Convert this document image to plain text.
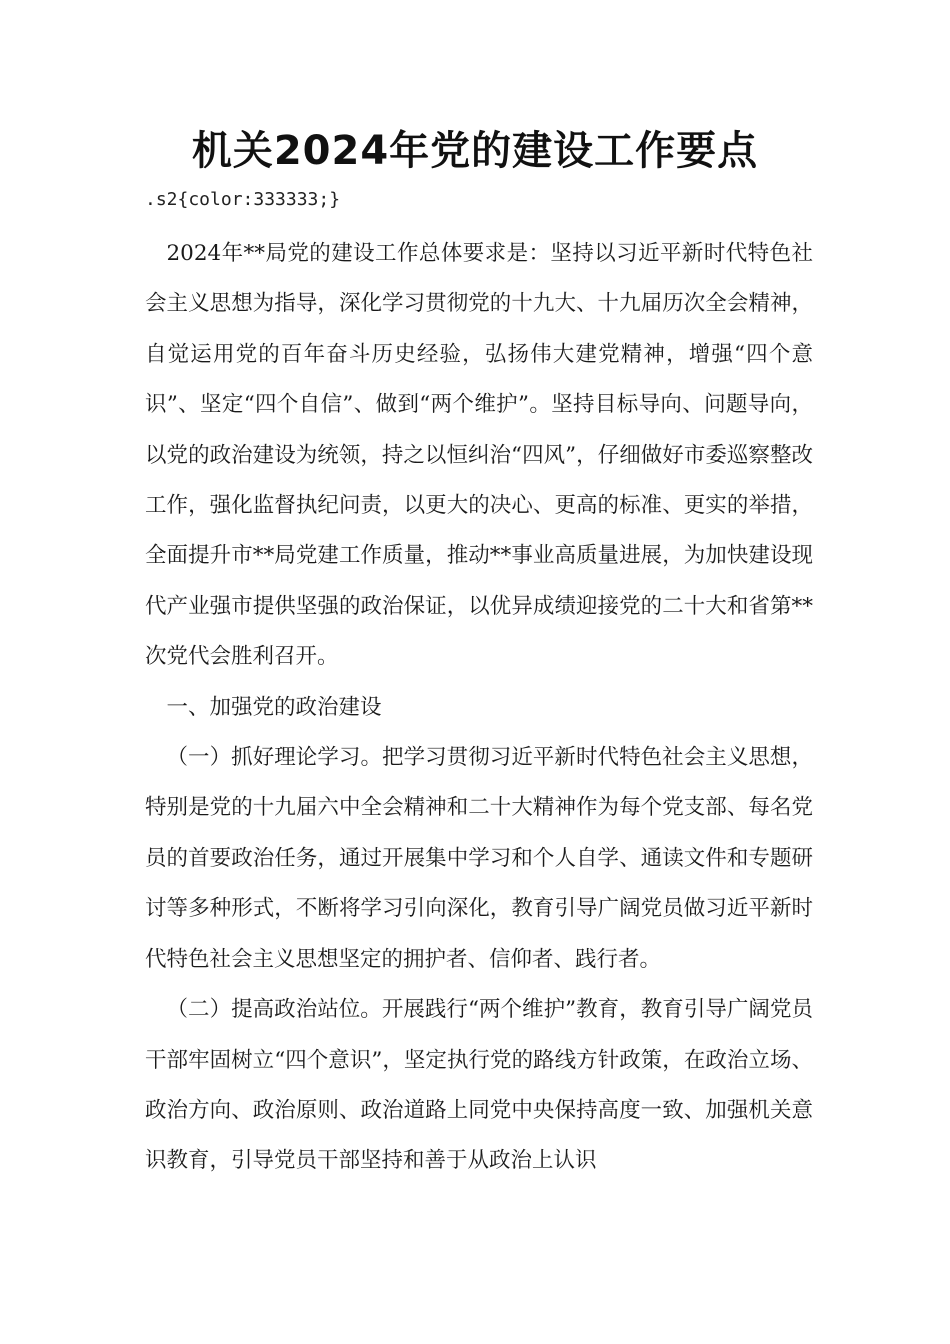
机关2024年党的建设工作要点
.s2{color:333333;}

2024年**局党的建设工作总体要求是：坚持以习近平新时代特色社会主义思想为指导，深化学习贯彻党的十九大、十九届历次全会精神，自觉运用党的百年奋斗历史经验，弘扬伟大建党精神，增强“四个意识”、坚定“四个自信”、做到“两个维护”。坚持目标导向、问题导向，以党的政治建设为统领，持之以恒纠治“四风”，仔细做好市委巡察整改工作，强化监督执纪问责，以更大的决心、更高的标准、更实的举措，全面提升市**局党建工作质量，推动**事业高质量进展，为加快建设现代产业强市提供坚强的政治保证，以优异成绩迎接党的二十大和省第**次党代会胜利召开。

一、加强党的政治建设

（一）抓好理论学习。把学习贯彻习近平新时代特色社会主义思想，特别是党的十九届六中全会精神和二十大精神作为每个党支部、每名党员的首要政治任务，通过开展集中学习和个人自学、通读文件和专题研讨等多种形式，不断将学习引向深化，教育引导广阔党员做习近平新时代特色社会主义思想坚定的拥护者、信仰者、践行者。

（二）提高政治站位。开展践行“两个维护”教育，教育引导广阔党员干部牢固树立“四个意识”，坚定执行党的路线方针政策，在政治立场、政治方向、政治原则、政治道路上同党中央保持高度一致、加强机关意识教育，引导党员干部坚持和善于从政治上认识
